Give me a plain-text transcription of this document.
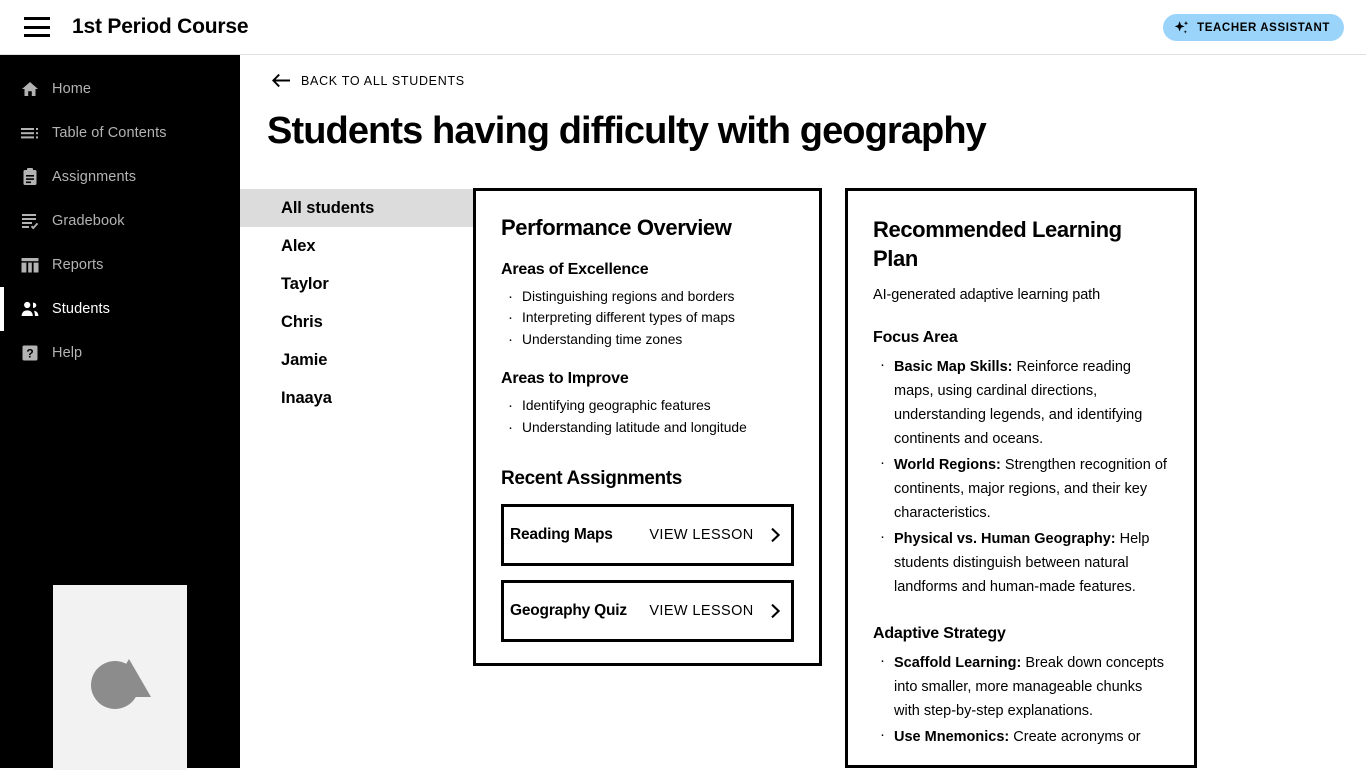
1st Period Course	TEACHER ASSISTANT
Home
Table of Contents
Assignments
Gradebook
Reports
Students
? Help
BACK TO ALL STUDENTS
Students having difficulty with geography
All students
Alex
Taylor
Chris
Jamie
Inaaya
Performance Overview
Areas of Excellence
· Distinguishing regions and borders
· Interpreting different types of maps
· Understanding time zones
Areas to Improve
· Identifying geographic features
· Understanding latitude and longitude
Recent Assignments
Reading Maps	VIEW LESSON
Geography Quiz	VIEW LESSON
Recommended Learning Plan
AI-generated adaptive learning path
Focus Area
· Basic Map Skills: Reinforce reading maps, using cardinal directions, understanding legends, and identifying continents and oceans.
· World Regions: Strengthen recognition of continents, major regions, and their key characteristics.
· Physical vs. Human Geography: Help students distinguish between natural landforms and human-made features.
Adaptive Strategy
· Scaffold Learning: Break down concepts into smaller, more manageable chunks with step-by-step explanations.
· Use Mnemonics: Create acronyms or
